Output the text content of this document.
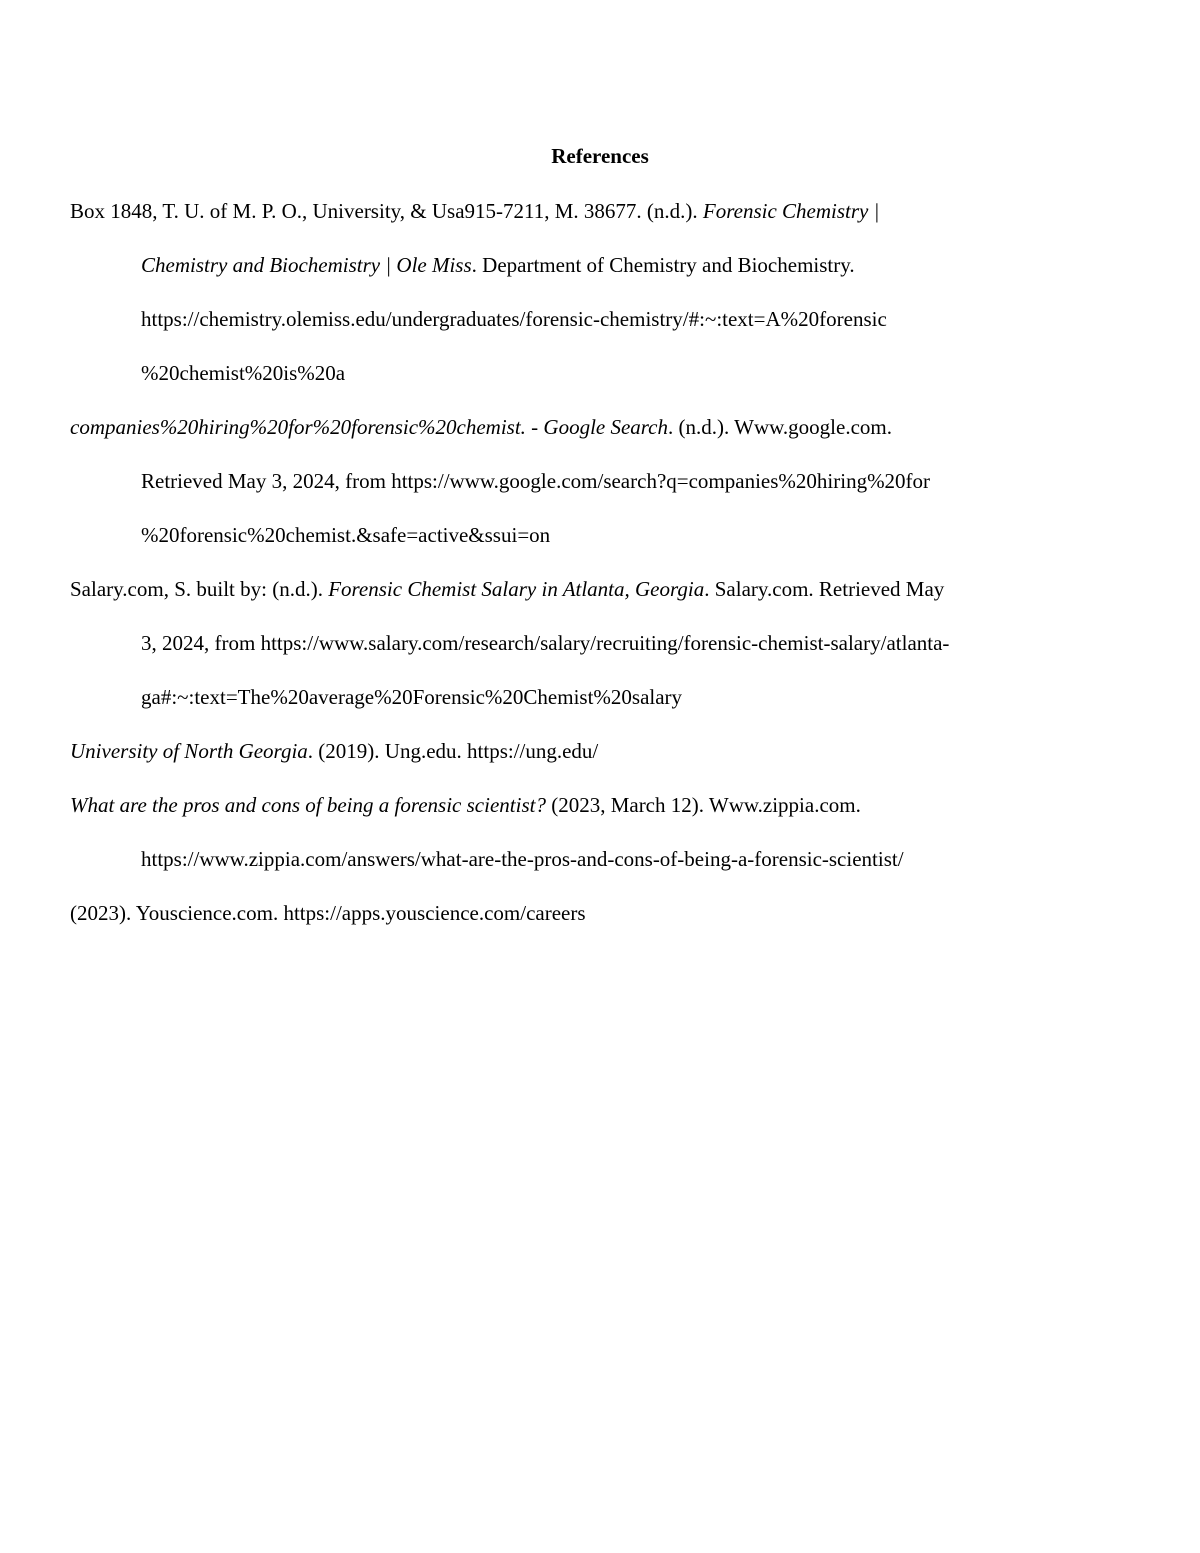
References

Box 1848, T. U. of M. P. O., University, & Usa915-7211, M. 38677. (n.d.). Forensic Chemistry |
Chemistry and Biochemistry | Ole Miss. Department of Chemistry and Biochemistry.
https://chemistry.olemiss.edu/undergraduates/forensic-chemistry/#:~:text=A%20forensic
%20chemist%20is%20a

companies%20hiring%20for%20forensic%20chemist. - Google Search. (n.d.). Www.google.com.
Retrieved May 3, 2024, from https://www.google.com/search?q=companies%20hiring%20for
%20forensic%20chemist.&safe=active&ssui=on

Salary.com, S. built by: (n.d.). Forensic Chemist Salary in Atlanta, Georgia. Salary.com. Retrieved May
3, 2024, from https://www.salary.com/research/salary/recruiting/forensic-chemist-salary/atlanta-
ga#:~:text=The%20average%20Forensic%20Chemist%20salary

University of North Georgia. (2019). Ung.edu. https://ung.edu/

What are the pros and cons of being a forensic scientist? (2023, March 12). Www.zippia.com.
https://www.zippia.com/answers/what-are-the-pros-and-cons-of-being-a-forensic-scientist/

(2023). Youscience.com. https://apps.youscience.com/careers
